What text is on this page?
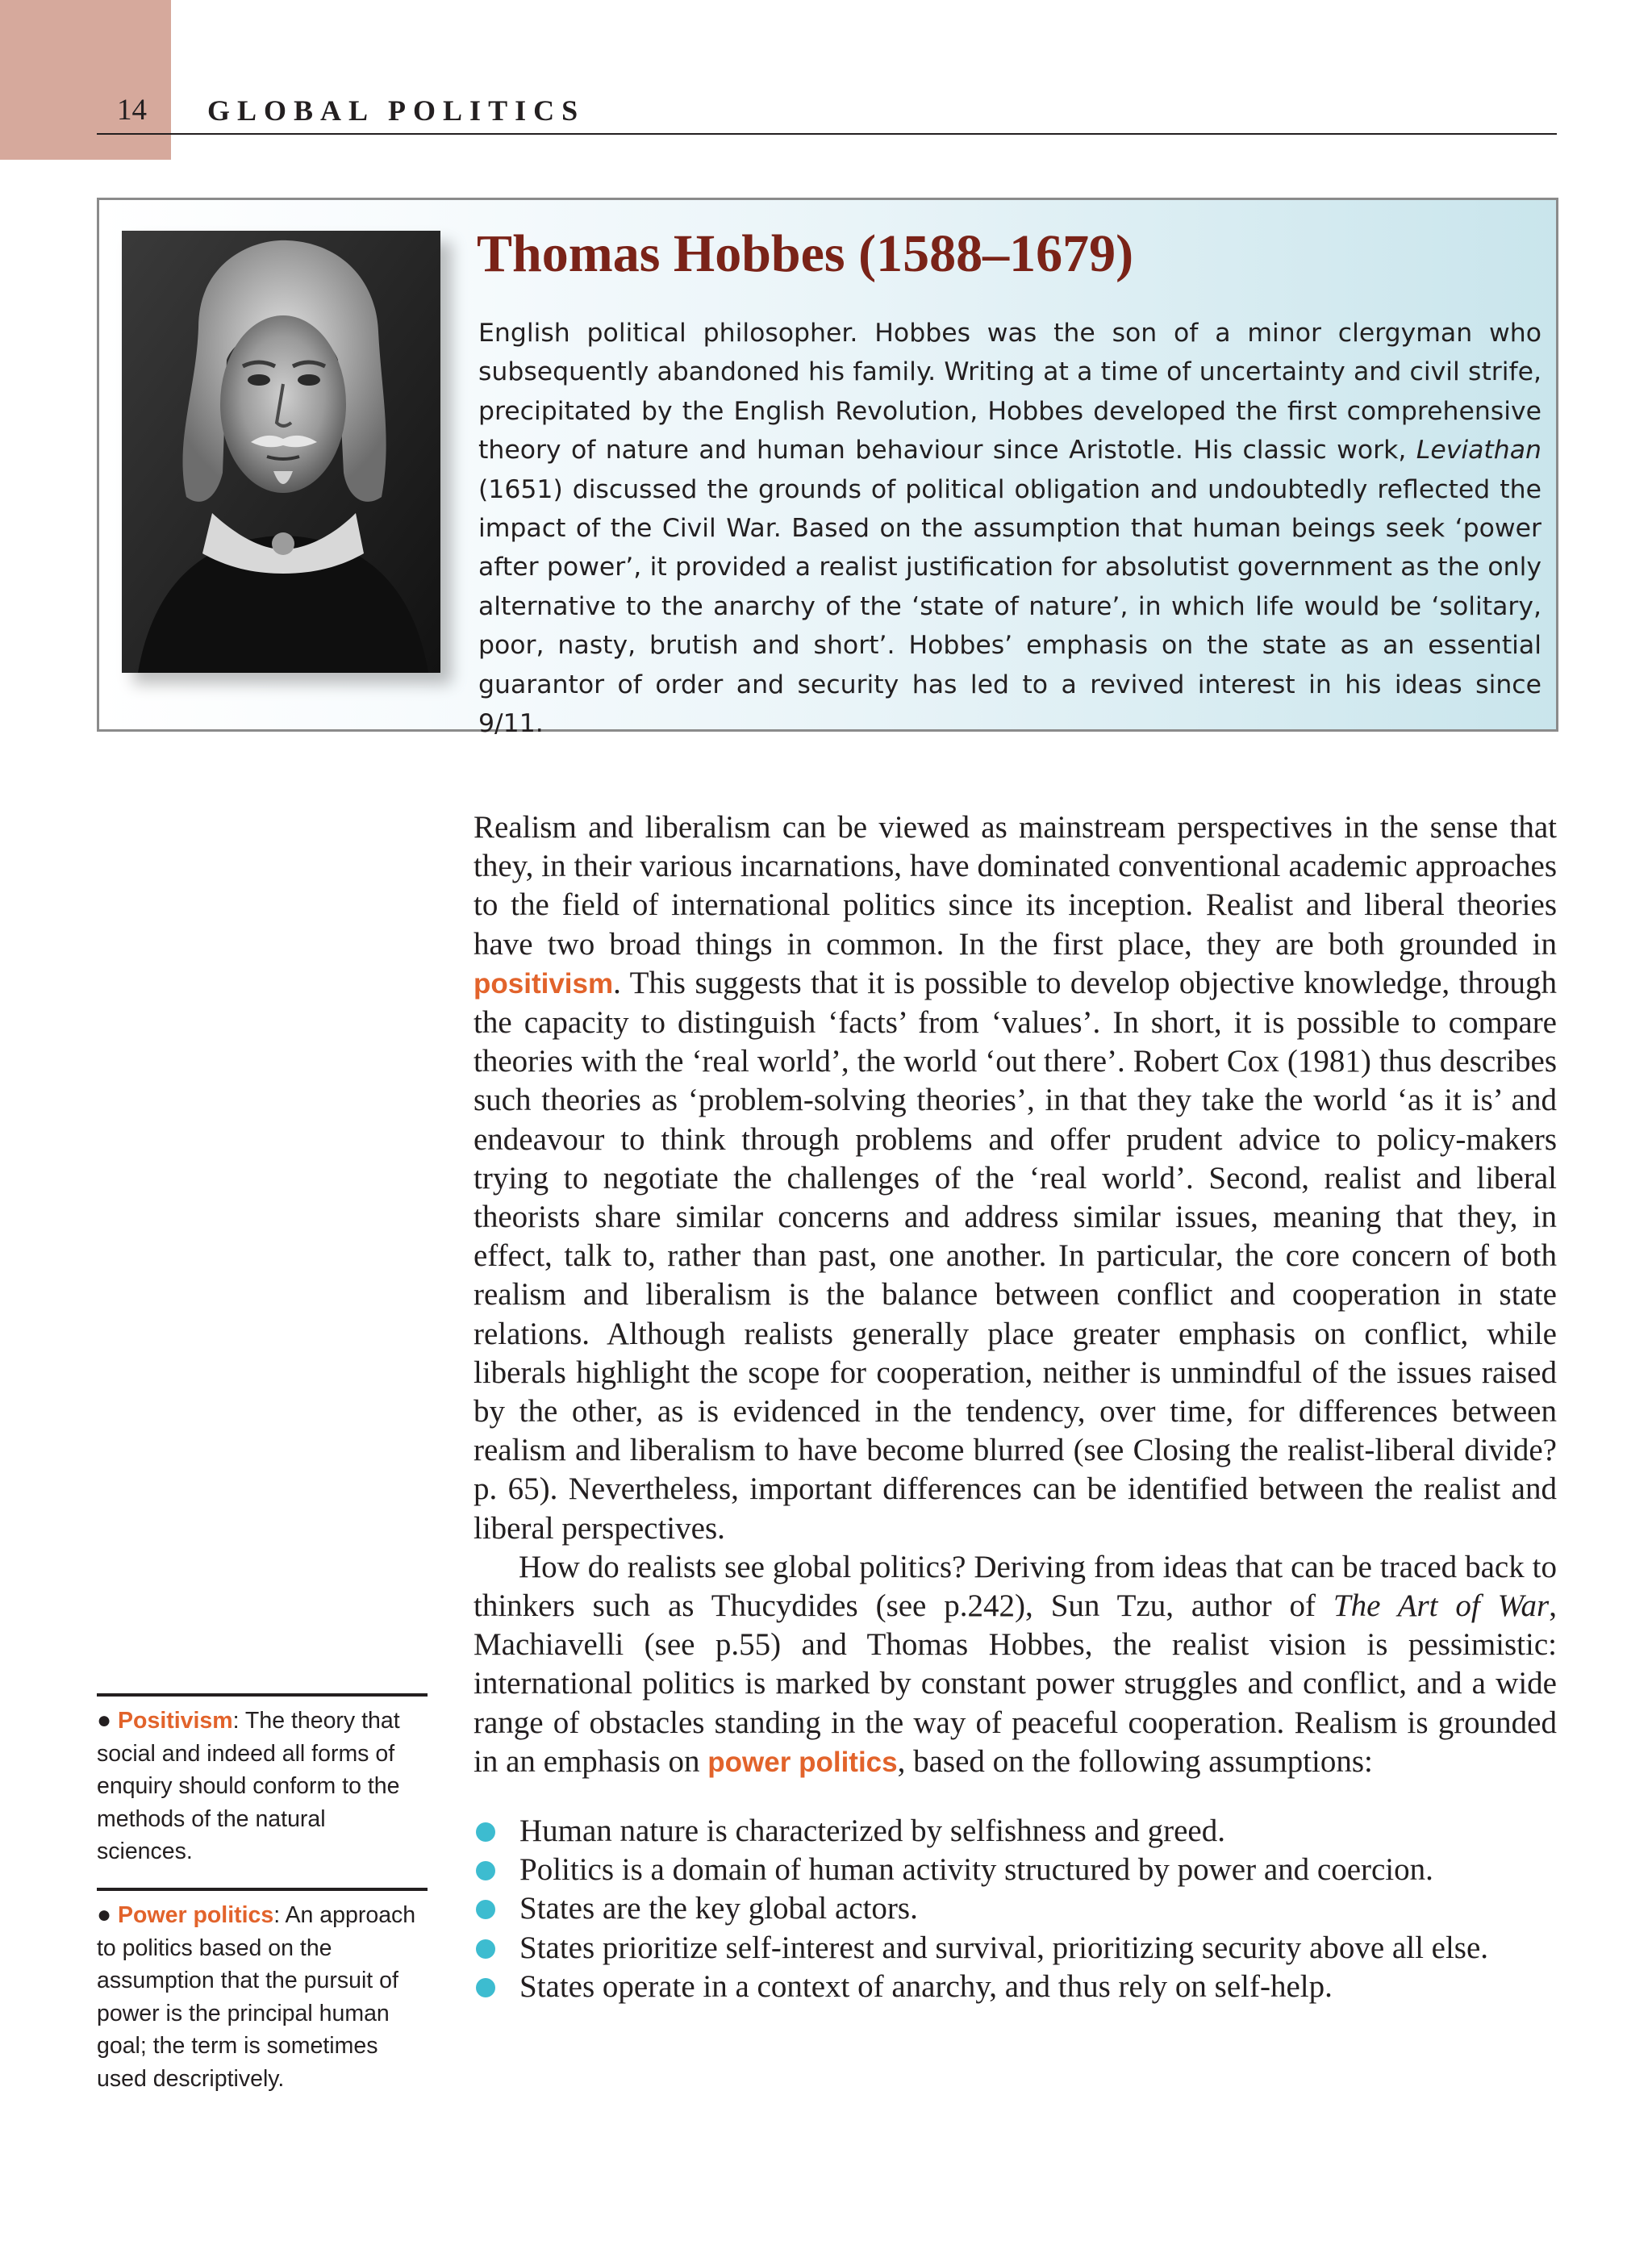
14 GLOBAL POLITICS
Thomas Hobbes (1588–1679)

English political philosopher. Hobbes was the son of a minor clergyman who subsequently abandoned his family. Writing at a time of uncertainty and civil strife, precipitated by the English Revolution, Hobbes developed the first comprehensive theory of nature and human behaviour since Aristotle. His classic work, Leviathan (1651) discussed the grounds of political obligation and undoubtedly reflected the impact of the Civil War. Based on the assumption that human beings seek ‘power after power’, it provided a realist justification for absolutist government as the only alternative to the anarchy of the ‘state of nature’, in which life would be ‘solitary, poor, nasty, brutish and short’. Hobbes’ emphasis on the state as an essential guarantor of order and security has led to a revived interest in his ideas since 9/11.

Realism and liberalism can be viewed as mainstream perspectives in the sense that they, in their various incarnations, have dominated conventional academic approaches to the field of international politics since its inception. Realist and liberal theories have two broad things in common. In the first place, they are both grounded in positivism. This suggests that it is possible to develop objective knowledge, through the capacity to distinguish ‘facts’ from ‘values’. In short, it is possible to compare theories with the ‘real world’, the world ‘out there’. Robert Cox (1981) thus describes such theories as ‘problem-solving theories’, in that they take the world ‘as it is’ and endeavour to think through problems and offer prudent advice to policy-makers trying to negotiate the challenges of the ‘real world’. Second, realist and liberal theorists share similar concerns and address similar issues, meaning that they, in effect, talk to, rather than past, one another. In particular, the core concern of both realism and liberalism is the balance between conflict and cooperation in state relations. Although realists generally place greater emphasis on conflict, while liberals highlight the scope for cooperation, neither is unmindful of the issues raised by the other, as is evidenced in the tendency, over time, for differences between realism and liberalism to have become blurred (see Closing the realist-liberal divide? p. 65). Nevertheless, important differences can be identified between the realist and liberal perspectives.

How do realists see global politics? Deriving from ideas that can be traced back to thinkers such as Thucydides (see p.242), Sun Tzu, author of The Art of War, Machiavelli (see p.55) and Thomas Hobbes, the realist vision is pessimistic: international politics is marked by constant power struggles and conflict, and a wide range of obstacles standing in the way of peaceful cooperation. Realism is grounded in an emphasis on power politics, based on the following assumptions:

Human nature is characterized by selfishness and greed.
Politics is a domain of human activity structured by power and coercion.
States are the key global actors.
States prioritize self-interest and survival, prioritizing security above all else.
States operate in a context of anarchy, and thus rely on self-help.
● Positivism: The theory that social and indeed all forms of enquiry should conform to the methods of the natural sciences.
● Power politics: An approach to politics based on the assumption that the pursuit of power is the principal human goal; the term is sometimes used descriptively.
